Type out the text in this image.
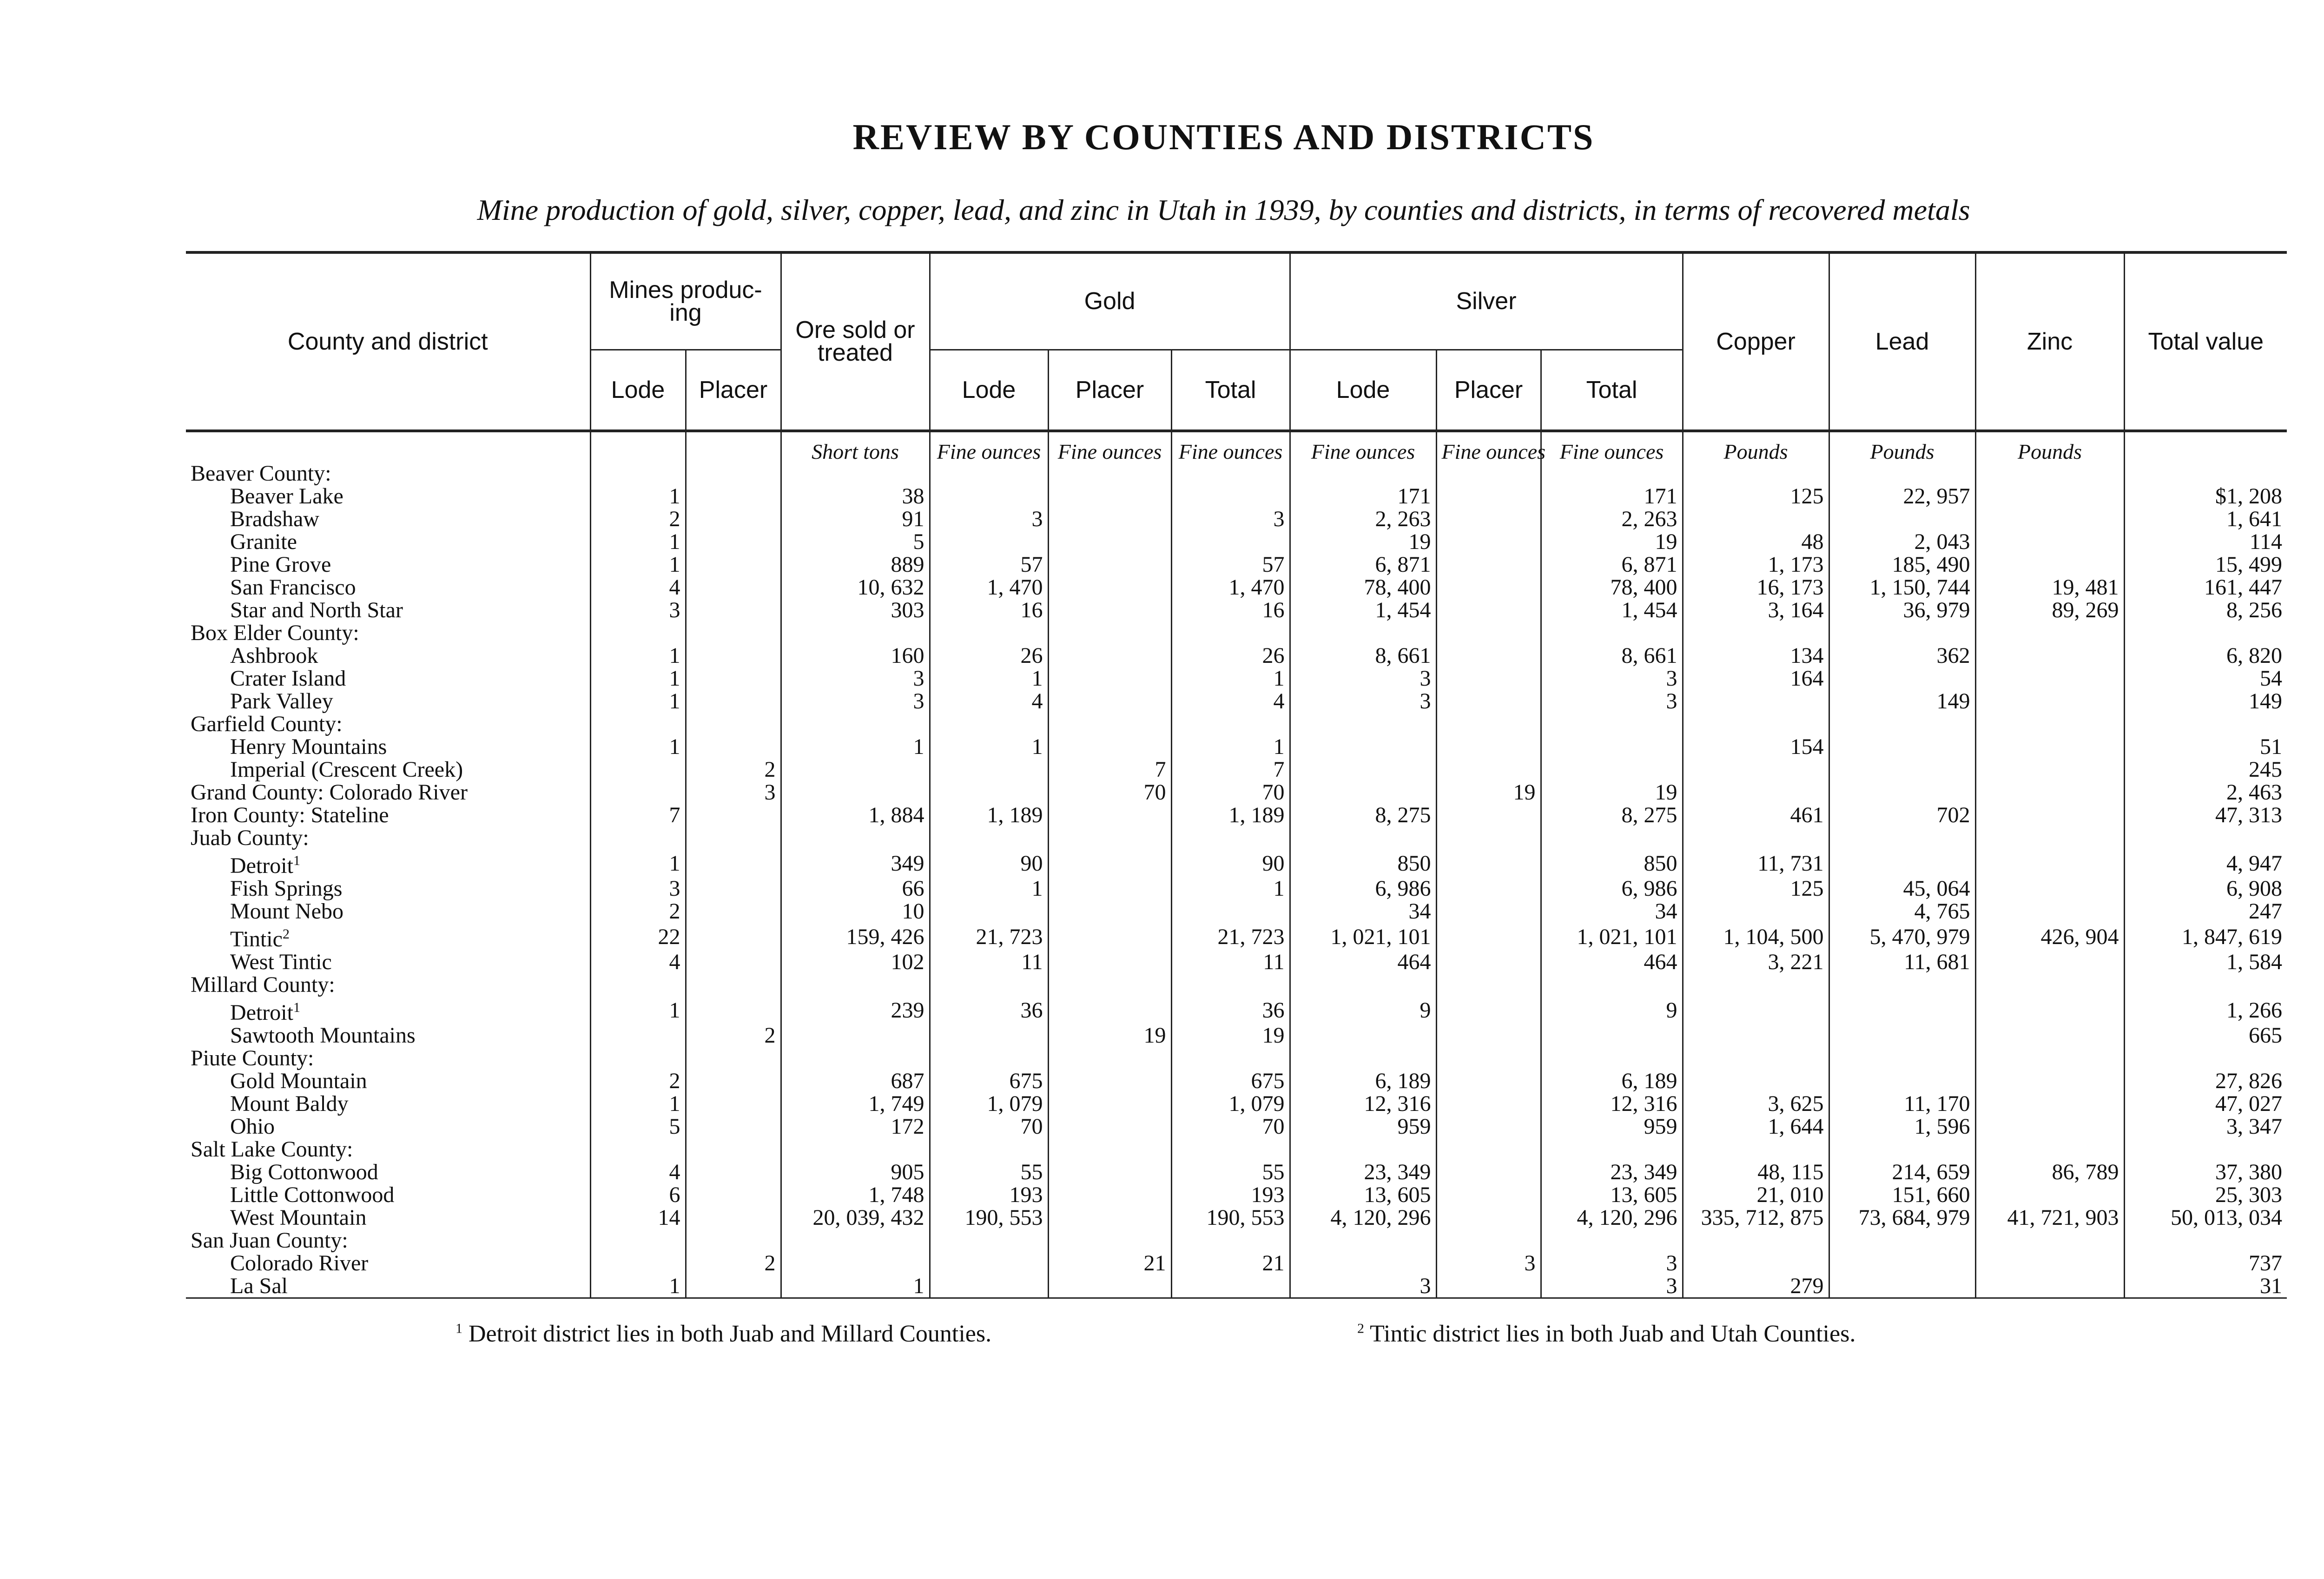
REVIEW BY COUNTIES AND DISTRICTS
Mine production of gold, silver, copper, lead, and zinc in Utah in 1939, by counties and districts, in terms of recovered metals
County and district	Mines produc-ing		Ore sold or treated	Gold			Silver			Copper	Lead	Zinc	Total value
	Lode	Placer		Lode	Placer	Total	Lode	Placer	Total				
			Short tons	Fine ounces	Fine ounces	Fine ounces	Fine ounces	Fine ounces	Fine ounces	Pounds	Pounds	Pounds	
Beaver County:													
Beaver Lake	1		38				171		171	125	22, 957		$1, 208
Bradshaw	2		91	3		3	2, 263		2, 263				1, 641
Granite	1		5				19		19	48	2, 043		114
Pine Grove	1		889	57		57	6, 871		6, 871	1, 173	185, 490		15, 499
San Francisco	4		10, 632	1, 470		1, 470	78, 400		78, 400	16, 173	1, 150, 744	19, 481	161, 447
Star and North Star	3		303	16		16	1, 454		1, 454	3, 164	36, 979	89, 269	8, 256
Box Elder County:													
Ashbrook	1		160	26		26	8, 661		8, 661	134	362		6, 820
Crater Island	1		3	1		1	3		3	164			54
Park Valley	1		3	4		4	3		3		149		149
Garfield County:													
Henry Mountains	1		1	1		1				154			51
Imperial (Crescent Creek)		2			7	7							245
Grand County: Colorado River		3			70	70		19	19				2, 463
Iron County: Stateline	7		1, 884	1, 189		1, 189	8, 275		8, 275	461	702		47, 313
Juab County:													
Detroit$^1$	1		349	90		90	850		850	11, 731			4, 947
Fish Springs	3		66	1		1	6, 986		6, 986	125	45, 064		6, 908
Mount Nebo	2		10				34		34		4, 765		247
Tintic$^2$	22		159, 426	21, 723		21, 723	1, 021, 101		1, 021, 101	1, 104, 500	5, 470, 979	426, 904	1, 847, 619
West Tintic	4		102	11		11	464		464	3, 221	11, 681		1, 584
Millard County:													
Detroit$^1$	1		239	36		36	9		9				1, 266
Sawtooth Mountains		2			19	19							665
Piute County:													
Gold Mountain	2		687	675		675	6, 189		6, 189				27, 826
Mount Baldy	1		1, 749	1, 079		1, 079	12, 316		12, 316	3, 625	11, 170		47, 027
Ohio	5		172	70		70	959		959	1, 644	1, 596		3, 347
Salt Lake County:													
Big Cottonwood	4		905	55		55	23, 349		23, 349	48, 115	214, 659	86, 789	37, 380
Little Cottonwood	6		1, 748	193		193	13, 605		13, 605	21, 010	151, 660		25, 303
West Mountain	14		20, 039, 432	190, 553		190, 553	4, 120, 296		4, 120, 296	335, 712, 875	73, 684, 979	41, 721, 903	50, 013, 034
San Juan County:													
Colorado River		2			21	21		3	3				737
La Sal	1		1				3		3	279			31
$^1$ Detroit district lies in both Juab and Millard Counties.	$^2$ Tintic district lies in both Juab and Utah Counties.
